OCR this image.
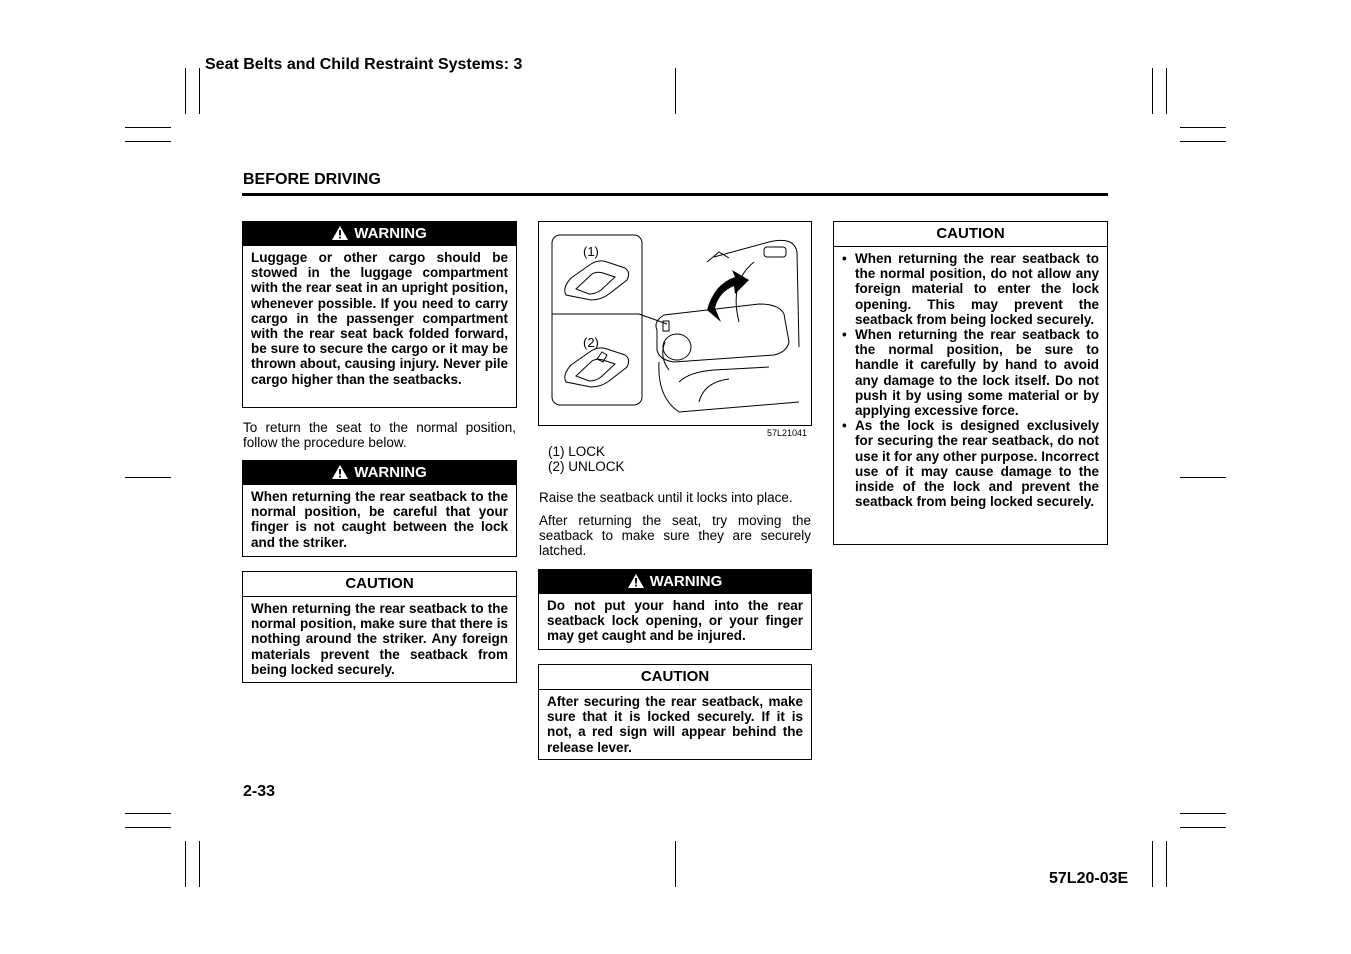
Seat Belts and Child Restraint Systems: 3
BEFORE DRIVING
WARNING
Luggage or other cargo should be stowed in the luggage compartment with the rear seat in an upright position, whenever possible. If you need to carry cargo in the passenger compartment with the rear seat back folded forward, be sure to secure the cargo or it may be thrown about, causing injury. Never pile cargo higher than the seatbacks.
To return the seat to the normal position, follow the procedure below.
WARNING
When returning the rear seatback to the normal position, be careful that your finger is not caught between the lock and the striker.
CAUTION
When returning the rear seatback to the normal position, make sure that there is nothing around the striker. Any foreign materials prevent the seatback from being locked securely.
(1)
(2)
57L21041
(1) LOCK
(2) UNLOCK
Raise the seatback until it locks into place.
After returning the seat, try moving the seatback to make sure they are securely latched.
WARNING
Do not put your hand into the rear seatback lock opening, or your finger may get caught and be injured.
CAUTION
After securing the rear seatback, make sure that it is locked securely. If it is not, a red sign will appear behind the release lever.
CAUTION
• When returning the rear seatback to the normal position, do not allow any foreign material to enter the lock opening. This may prevent the seatback from being locked securely.
• When returning the rear seatback to the normal position, be sure to handle it carefully by hand to avoid any damage to the lock itself. Do not push it by using some material or by applying excessive force.
• As the lock is designed exclusively for securing the rear seatback, do not use it for any other purpose. Incorrect use of it may cause damage to the inside of the lock and prevent the seatback from being locked securely.
2-33
57L20-03E
